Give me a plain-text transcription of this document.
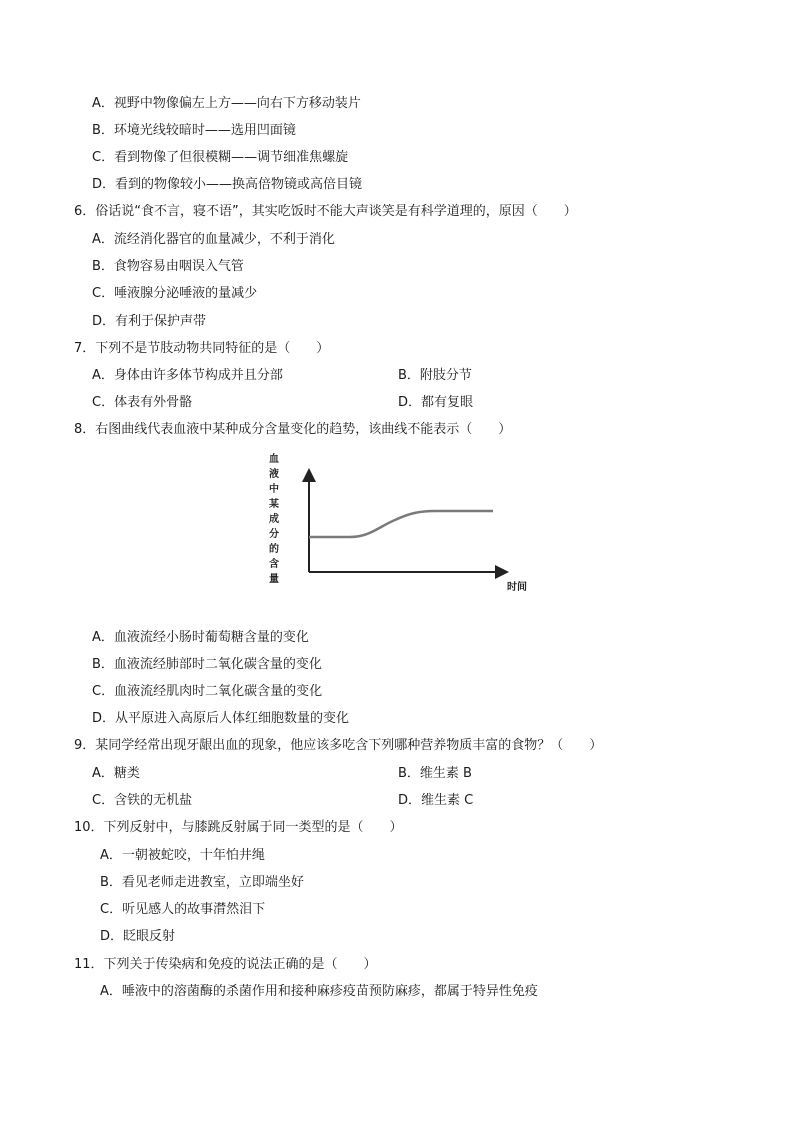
A．视野中物像偏左上方——向右下方移动装片
B．环境光线较暗时——选用凹面镜
C．看到物像了但很模糊——调节细准焦螺旋
D．看到的物像较小——换高倍物镜或高倍目镜
6．俗话说“食不言，寝不语”，其实吃饭时不能大声谈笑是有科学道理的，原因（　　）
A．流经消化器官的血量减少，不利于消化
B．食物容易由咽误入气管
C．唾液腺分泌唾液的量减少
D．有利于保护声带
7．下列不是节肢动物共同特征的是（　　）
A．身体由许多体节构成并且分部	B．附肢分节
C．体表有外骨骼	D．都有复眼
8．右图曲线代表血液中某种成分含量变化的趋势，该曲线不能表示（　　）
血
液
中
某
成
分
的
含
量
时间
A．血液流经小肠时葡萄糖含量的变化
B．血液流经肺部时二氧化碳含量的变化
C．血液流经肌肉时二氧化碳含量的变化
D．从平原进入高原后人体红细胞数量的变化
9．某同学经常出现牙龈出血的现象，他应该多吃含下列哪种营养物质丰富的食物？（　　）
A．糖类	B．维生素 B
C．含铁的无机盐	D．维生素 C
10．下列反射中，与膝跳反射属于同一类型的是（　　）
A．一朝被蛇咬，十年怕井绳
B．看见老师走进教室，立即端坐好
C．听见感人的故事潸然泪下
D．眨眼反射
11．下列关于传染病和免疫的说法正确的是（　　）
A．唾液中的溶菌酶的杀菌作用和接种麻疹疫苗预防麻疹，都属于特异性免疫
